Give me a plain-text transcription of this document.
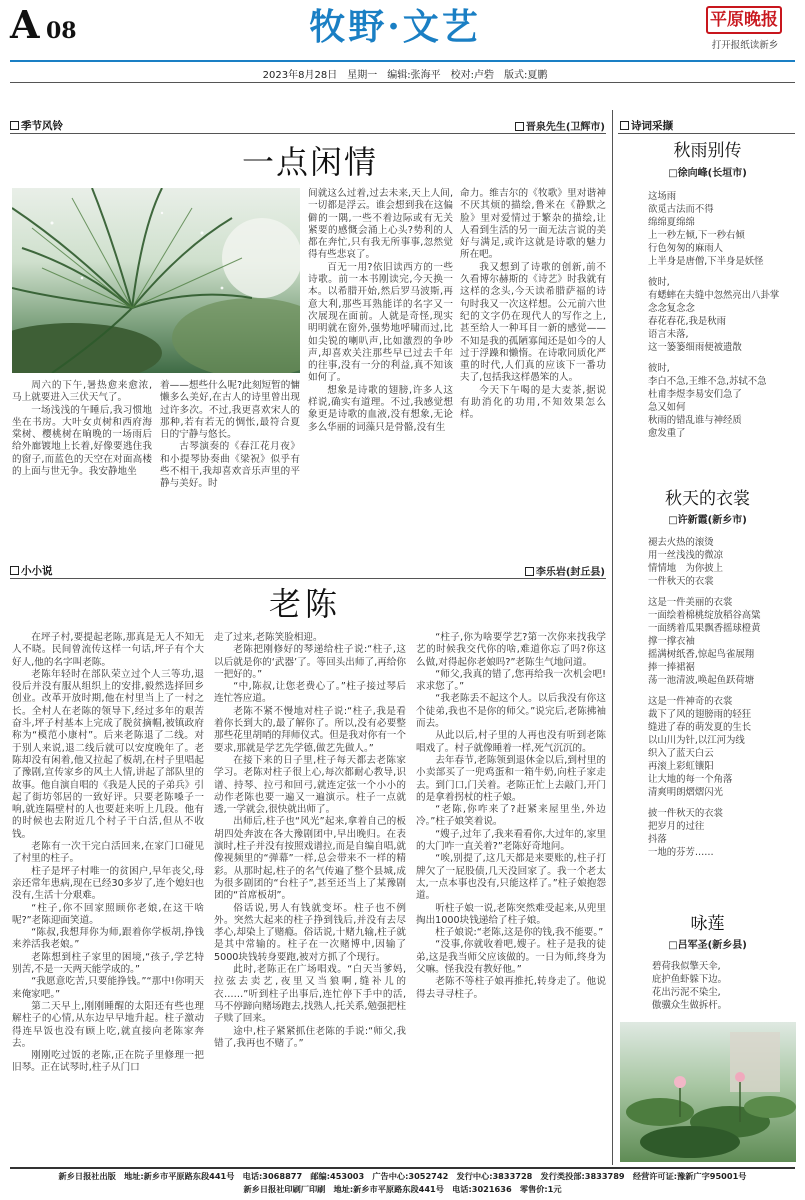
A 08	牧野·文艺	平原晚报
打开报纸读新乡
2023年8月28日　星期一　编辑:张海平　校对:卢砦　版式:夏鹏
季节风铃	晋泉先生(卫辉市)
一点闲情

周六的下午,暑热愈来愈浓,马上就要进入三伏天气了。

一场浅浅的午睡后,我习惯地坐在书房。大叶女贞树和西府海棠树、樱桃树在晌晚的一场雨后给外廊镀地上长着,好像要逃住我的窗子,而蓝色的天空在对面高楼的上面与世无争。我安静地坐

着——想些什么呢?此刻短暂的慵懒多么美好,在古人的诗里曾出现过许多次。不过,我更喜欢宋人的那种,若有若无的惆怅,最符合夏日的宁静与悠长。

古琴演奏的《春江花月夜》和小提琴协奏曲《梁祝》似乎有些不相干,我却喜欢音乐声里的平静与美好。时

间就这么过着,过去未来,天上人间,一切都是浮云。谁会想到我在这偏僻的一隅,一些不着边际或有无关紧要的感慨会涌上心头?势利的人都在奔忙,只有我无所事事,忽然觉得有些悲哀了。

百无一用?依旧读西方的一些诗歌。前一本书刚读完,今天换一本。以希腊开始,然后罗马波斯,再意大利,那些耳熟能详的名字又一次展现在面前。人就是奇怪,现实明明就在窗外,强势地呼啸而过,比如尖锐的喇叭声,比如激烈的争吵声,却喜欢关注那些早已过去千年的往事,没有一分的利益,真不知该如何了。

想象是诗歌的翅膀,许多人这样说,确实有道理。不过,我感觉想象更是诗歌的血液,没有想象,无论多么华丽的词藻只是骨骼,没有生

命力。维吉尔的《牧歌》里对谐神不厌其烦的描绘,鲁米在《静默之脸》里对爱情过于繁杂的描绘,让人看到生活的另一面无法言说的美好与满足,或许这就是诗歌的魅力所在吧。

我又想到了诗歌的创新,前不久看博尔赫斯的《诗艺》时我就有这样的念头,今天读希腊萨福的诗句时我又一次这样想。公元前六世纪的文字仍在现代人的写作之上,甚至给人一种耳目一新的感觉——不知是我的孤陋寡闻还是如今的人过于浮躁和懒惰。在诗歌同质化严重的时代,人们真的应该下一番功夫了,包括我这样愚笨的人。

今天下午喝的是大麦茶,据说有助消化的功用,不知效果怎么样。

小小说	李乐岩(封丘县)
老陈

在坪子村,要提起老陈,那真是无人不知无人不晓。民间曾流传这样一句话,坪子有个大好人,他的名字叫老陈。

老陈年轻时在部队荣立过个人三等功,退役后并没有服从组织上的安排,毅然选择回乡创业。改革开放时期,他在村里当上了一村之长。全村人在老陈的领导下,经过多年的艰苦奋斗,坪子村基本上完成了脱贫摘帽,被镇政府称为“模范小康村”。后来老陈退了二线。对于别人来说,退二线后就可以安度晚年了。老陈却没有闲着,他又拉起了板胡,在村子里唱起了豫剧,宣传家乡的风土人情,讲起了部队里的故事。他自演自唱的《我是人民的子弟兵》引起了街坊邻居的一致好评。只要老陈嗓子一响,就连隔壁村的人也要赶来听上几段。他有的时候也去附近几个村子干白活,但从不收钱。

老陈有一次干完白活回来,在家门口碰见了村里的柱子。

柱子是坪子村唯一的贫困户,早年丧父,母亲还常年患病,现在已经30多岁了,连个媳妇也没有,生活十分艰难。

“柱子,你不回家照顾你老娘,在这干啥呢?”老陈迎面笑道。

“陈叔,我想拜你为师,跟着你学板胡,挣钱来养活我老娘。”

老陈想到柱子家里的困境,“孩子,学艺特别苦,不是一天两天能学成的。”

“我愿意吃苦,只要能挣钱。”“那中!你明天来俺家吧。”

第二天早上,刚刚睡醒的太阳还有些也理解柱子的心情,从东边早早地升起。柱子激动得连早饭也没有顾上吃,就直接向老陈家奔去。

刚刚吃过饭的老陈,正在院子里修理一把旧琴。正在试琴时,柱子从门口

走了过来,老陈笑脸相迎。

老陈把刚修好的琴递给柱子说:“柱子,这以后就是你的‘武器’了。等回头出师了,再给你一把好的。”

“中,陈叔,让您老费心了。”柱子接过琴后连忙答应道。

老陈不紧不慢地对柱子说:“柱子,我是看着你长到大的,最了解你了。所以,没有必要整那些花里胡哨的拜师仪式。但是我对你有一个要求,那就是学艺先学德,做艺先做人。”

在接下来的日子里,柱子每天都去老陈家学习。老陈对柱子很上心,每次都耐心教导,识谱、持琴、拉弓和回弓,就连定弦一个小小的动作老陈也要一遍又一遍演示。柱子一点就透,一学就会,很快就出师了。

出师后,柱子也“风光”起来,拿着自己的板胡四处奔波在各大豫剧团中,早出晚归。在表演时,柱子并没有按照戏谱拉,而是自编自唱,就像视频里的“弹幕”一样,总会带来不一样的精彩。从那时起,柱子的名气传遍了整个县城,成为很多剧团的“台柱子”,甚至还当上了某豫剧团的“首席板胡”。

俗话说,男人有钱就变坏。柱子也不例外。突然大起来的柱子挣到钱后,并没有去尽孝心,却染上了赌瘾。俗话说,十赌九输,柱子就是其中常输的。柱子在一次赌博中,因输了5000块钱转身要跑,被对方抓了个现行。

此时,老陈正在广场唱戏。“白天当爹妈,拉弦去卖艺,夜里又当狼啊,缝补儿的衣……”听到柱子出事后,连忙停下手中的活,马不停蹄向赌场跑去,找熟人,托关系,勉强把柱子赎了回来。

途中,柱子紧紧抓住老陈的手说:“师父,我错了,我再也不赌了。”

“柱子,你为啥要学艺?第一次你来找我学艺的时候我交代你的啥,难道你忘了吗?你这么做,对得起你老娘吗?”老陈生气地问道。

“师父,我真的错了,您再给我一次机会吧!求求您了。”

“我老陈丢不起这个人。以后我没有你这个徒弟,我也不是你的师父。”说完后,老陈拂袖而去。

从此以后,村子里的人再也没有听到老陈唱戏了。村子就像睡着一样,死气沉沉的。

去年春节,老陈领到退休金以后,到村里的小卖部买了一兜鸡蛋和一箱牛奶,向柱子家走去。到门口,门关着。老陈正忙上去敲门,开门的是拿着拐杖的柱子娘。

“老陈,你咋来了?赶紧来屋里坐,外边冷。”柱子娘笑着说。

“嫂子,过年了,我来看看你,大过年的,家里的大门咋一直关着?”老陈好奇地问。

“唉,别提了,这几天都是来要账的,柱子打牌欠了一屁股债,几天没回家了。我一个老太太,一点本事也没有,只能这样了。”柱子娘抱怨道。

听柱子娘一说,老陈突然难受起来,从兜里掏出1000块钱递给了柱子娘。

柱子娘说:“老陈,这是你的钱,我不能要。”

“没事,你就收着吧,嫂子。柱子是我的徒弟,这是我当师父应该做的。一日为师,终身为父嘛。怪我没有教好他。”

老陈不等柱子娘再推托,转身走了。他说得去寻寻柱子。

诗词采撷
秋雨别传
□徐向峰(长垣市)
这场雨
欲觅古法而不得
绵绵夏绵绵
上一秒左倾,下一秒右倾
行色匆匆的麻雨人
上半身是唐僧,下半身是妖怪
彼时,
有蟋蟀在夫缝中忽然亮出八卦掌
念念复念念
春花春花,我是秋雨
语言未落,
这一篓篓细雨便被遗散
彼时,
李白不急,王维不急,苏轼不急
杜甫李煜李易安们急了
急又如何
秋雨的错乱谁与神经质
愈发重了
秋天的衣裳
□许新霞(新乡市)
褪去火热的滚烫
用一丝浅浅的微凉
情情地　为你披上
一件秋天的衣裳
这是一件美丽的衣裳
一面绘着棉桃绽放稻谷高粱
一面绣着瓜果飘香摇球橙黄
撑一撑衣袖
摇满树纸香,惊起鸟雀展翔
捧一捧裙裾
荡一池清波,唤起鱼跃荷塘
这是一件神奇的衣裳
裁下了风的翅膀雨的轻狂
缝进了春的萌发夏的生长
以山川为针,以江河为线
织入了蓝天白云
再滚上彩虹镶阳
让大地的每一个角落
清爽明朗熠熠闪光
披一件秋天的衣裳
把岁月的过往
抖落
一地的芬芳……
咏莲
□吕军圣(新乡县)
碧荷我似擎天伞,
庇护鱼虾躲下边。
花出污泥不染尘,
傲骥众生做拆杆。
新乡日报社出版　地址:新乡市平原路东段441号　电话:3068877　邮编:453003　广告中心:3052742　发行中心:3833728　发行类投部:3833789　经营许可证:豫新广字95001号
新乡日报社印刷厂印刷　地址:新乡市平原路东段441号　电话:3021636　零售价:1元
